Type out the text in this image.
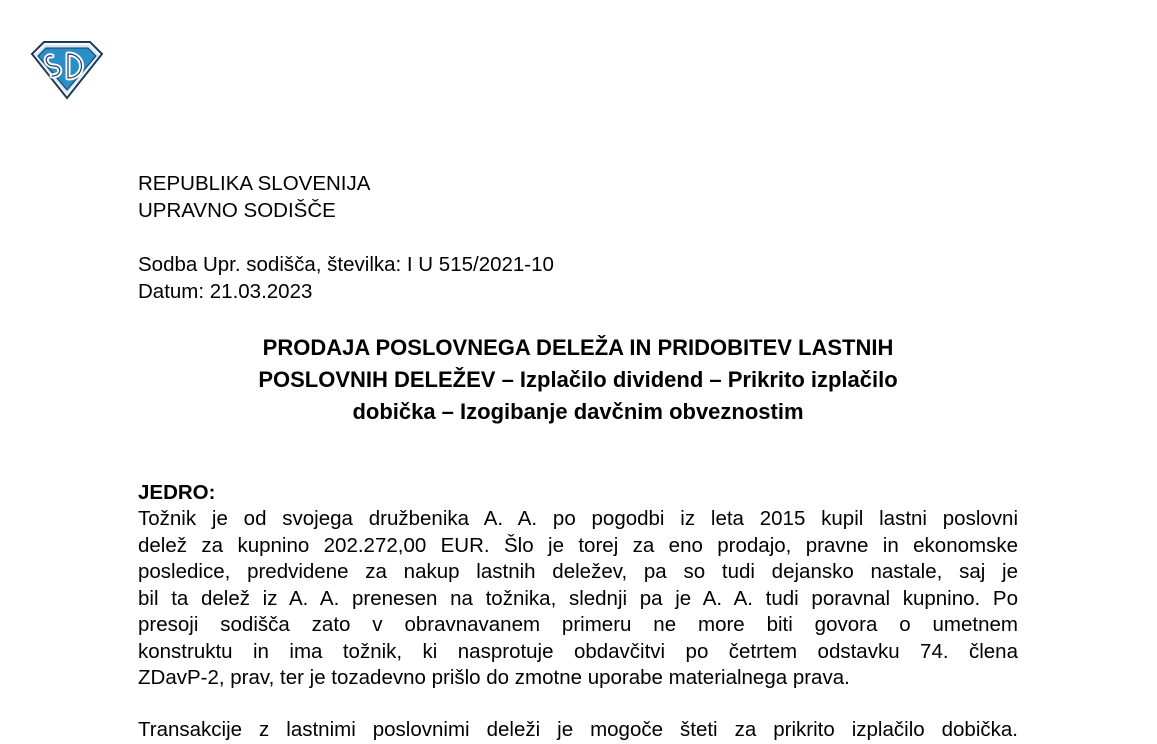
REPUBLIKA SLOVENIJA
UPRAVNO SODIŠČE
Sodba Upr. sodišča, številka: I U 515/2021-10
Datum: 21.03.2023
PRODAJA POSLOVNEGA DELEŽA IN PRIDOBITEV LASTNIH
POSLOVNIH DELEŽEV – Izplačilo dividend – Prikrito izplačilo
dobička – Izogibanje davčnim obveznostim
JEDRO:
Tožnik je od svojega družbenika A. A. po pogodbi iz leta 2015 kupil lastni poslovni
delež za kupnino 202.272,00 EUR. Šlo je torej za eno prodajo, pravne in ekonomske
posledice, predvidene za nakup lastnih deležev, pa so tudi dejansko nastale, saj je
bil ta delež iz A. A. prenesen na tožnika, slednji pa je A. A. tudi poravnal kupnino. Po
presoji sodišča zato v obravnavanem primeru ne more biti govora o umetnem
konstruktu in ima tožnik, ki nasprotuje obdavčitvi po četrtem odstavku 74. člena
ZDavP-2, prav, ter je tozadevno prišlo do zmotne uporabe materialnega prava.
Transakcije z lastnimi poslovnimi deleži je mogoče šteti za prikrito izplačilo dobička.
